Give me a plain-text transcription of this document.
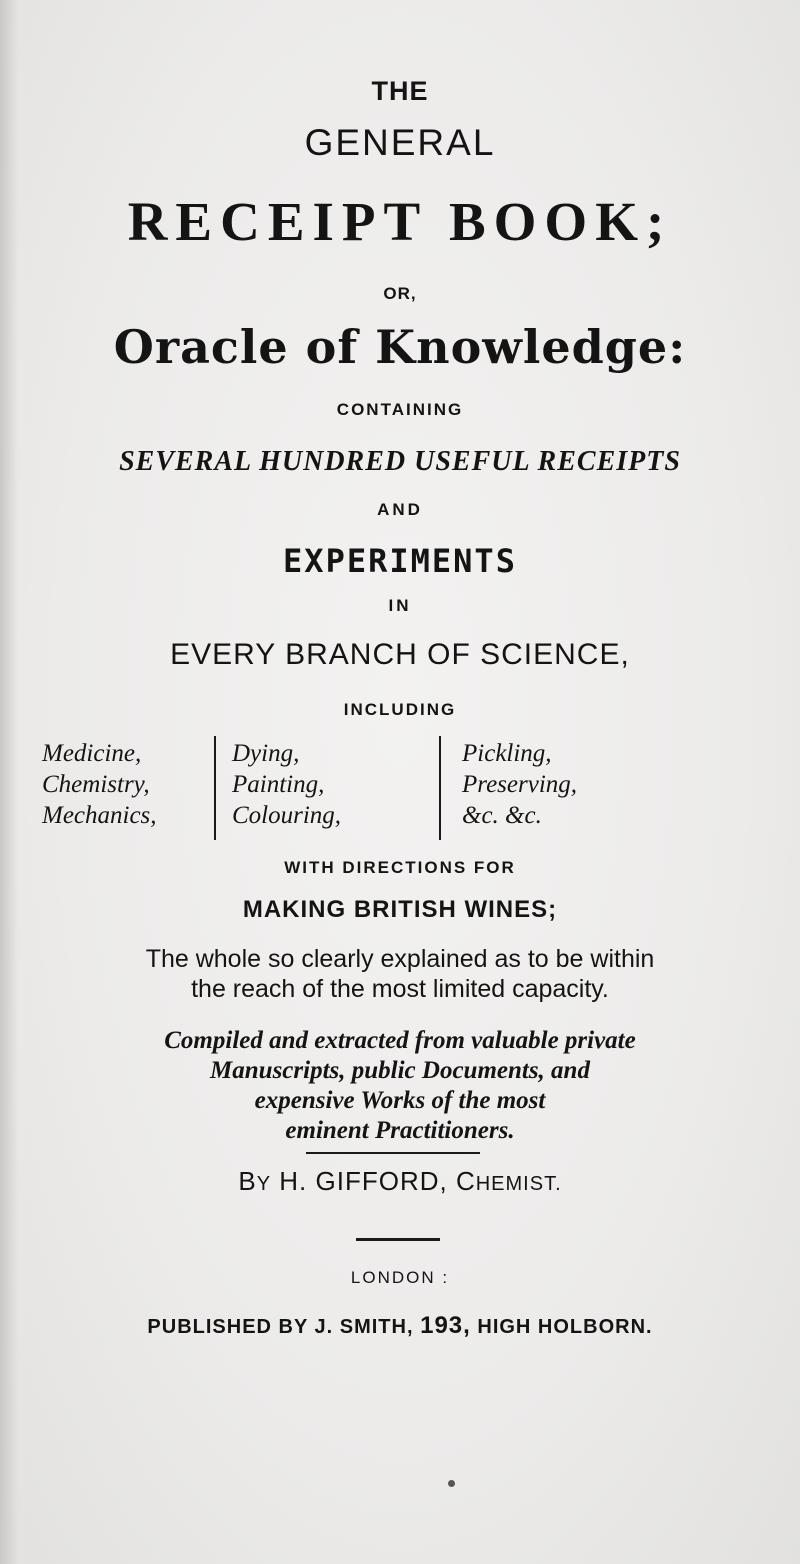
THE
GENERAL
RECEIPT BOOK;
OR,
Oracle of Knowledge:
CONTAINING
SEVERAL HUNDRED USEFUL RECEIPTS
AND
EXPERIMENTS
IN
EVERY BRANCH OF SCIENCE,
INCLUDING
Medicine,
Chemistry,
Mechanics,
Dying,
Painting,
Colouring,
Pickling,
Preserving,
&c. &c.
WITH DIRECTIONS FOR
MAKING BRITISH WINES;
The whole so clearly explained as to be within
the reach of the most limited capacity.
Compiled and extracted from valuable private
Manuscripts, public Documents, and
expensive Works of the most
eminent Practitioners.
BY H. GIFFORD, CHEMIST.
LONDON :
PUBLISHED BY J. SMITH, 193, HIGH HOLBORN.
